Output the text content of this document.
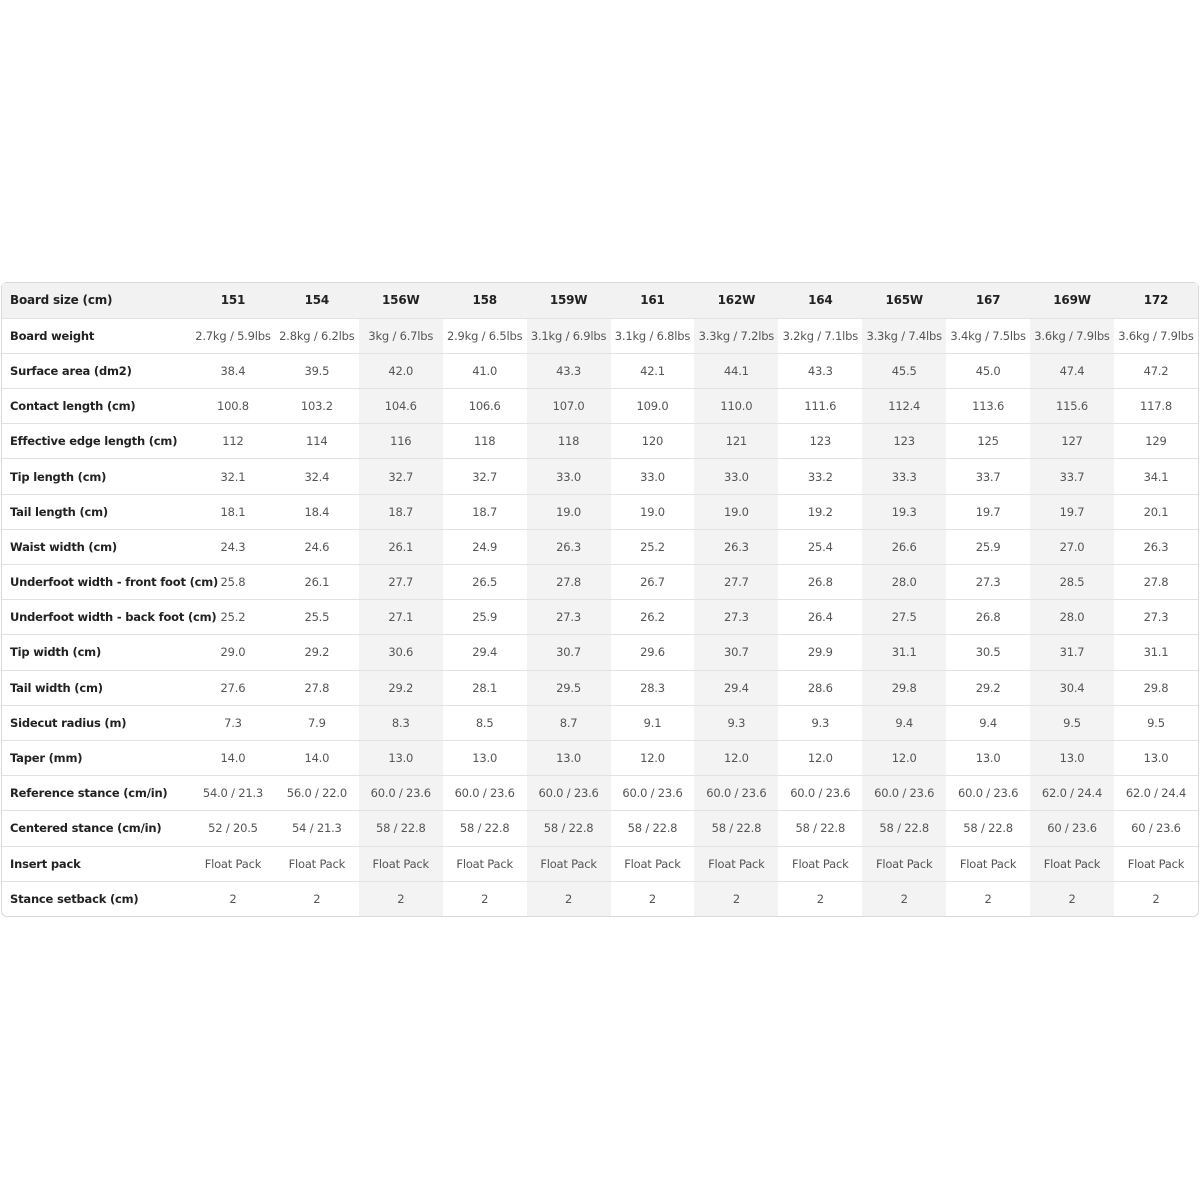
Board size (cm)	151	154	156W	158	159W	161	162W	164	165W	167	169W	172
Board weight	2.7kg / 5.9lbs	2.8kg / 6.2lbs	3kg / 6.7lbs	2.9kg / 6.5lbs	3.1kg / 6.9lbs	3.1kg / 6.8lbs	3.3kg / 7.2lbs	3.2kg / 7.1lbs	3.3kg / 7.4lbs	3.4kg / 7.5lbs	3.6kg / 7.9lbs	3.6kg / 7.9lbs
Surface area (dm2)	38.4	39.5	42.0	41.0	43.3	42.1	44.1	43.3	45.5	45.0	47.4	47.2
Contact length (cm)	100.8	103.2	104.6	106.6	107.0	109.0	110.0	111.6	112.4	113.6	115.6	117.8
Effective edge length (cm)	112	114	116	118	118	120	121	123	123	125	127	129
Tip length (cm)	32.1	32.4	32.7	32.7	33.0	33.0	33.0	33.2	33.3	33.7	33.7	34.1
Tail length (cm)	18.1	18.4	18.7	18.7	19.0	19.0	19.0	19.2	19.3	19.7	19.7	20.1
Waist width (cm)	24.3	24.6	26.1	24.9	26.3	25.2	26.3	25.4	26.6	25.9	27.0	26.3
Underfoot width - front foot (cm)	25.8	26.1	27.7	26.5	27.8	26.7	27.7	26.8	28.0	27.3	28.5	27.8
Underfoot width - back foot (cm)	25.2	25.5	27.1	25.9	27.3	26.2	27.3	26.4	27.5	26.8	28.0	27.3
Tip width (cm)	29.0	29.2	30.6	29.4	30.7	29.6	30.7	29.9	31.1	30.5	31.7	31.1
Tail width (cm)	27.6	27.8	29.2	28.1	29.5	28.3	29.4	28.6	29.8	29.2	30.4	29.8
Sidecut radius (m)	7.3	7.9	8.3	8.5	8.7	9.1	9.3	9.3	9.4	9.4	9.5	9.5
Taper (mm)	14.0	14.0	13.0	13.0	13.0	12.0	12.0	12.0	12.0	13.0	13.0	13.0
Reference stance (cm/in)	54.0 / 21.3	56.0 / 22.0	60.0 / 23.6	60.0 / 23.6	60.0 / 23.6	60.0 / 23.6	60.0 / 23.6	60.0 / 23.6	60.0 / 23.6	60.0 / 23.6	62.0 / 24.4	62.0 / 24.4
Centered stance (cm/in)	52 / 20.5	54 / 21.3	58 / 22.8	58 / 22.8	58 / 22.8	58 / 22.8	58 / 22.8	58 / 22.8	58 / 22.8	58 / 22.8	60 / 23.6	60 / 23.6
Insert pack	Float Pack	Float Pack	Float Pack	Float Pack	Float Pack	Float Pack	Float Pack	Float Pack	Float Pack	Float Pack	Float Pack	Float Pack
Stance setback (cm)	2	2	2	2	2	2	2	2	2	2	2	2
